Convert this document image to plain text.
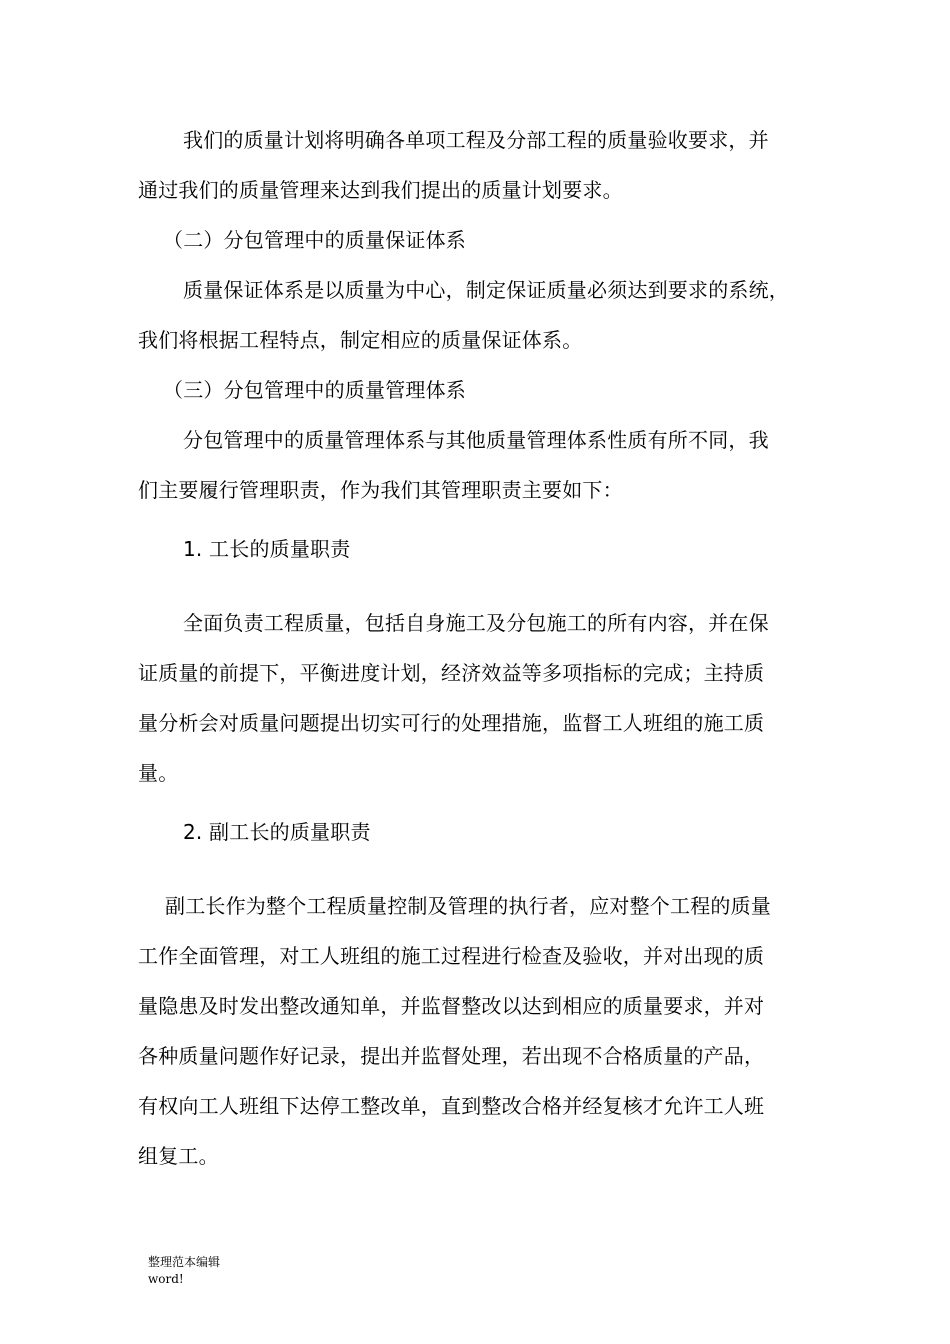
我们的质量计划将明确各单项工程及分部工程的质量验收要求，并
通过我们的质量管理来达到我们提出的质量计划要求。
（二）分包管理中的质量保证体系
质量保证体系是以质量为中心，制定保证质量必须达到要求的系统，
我们将根据工程特点，制定相应的质量保证体系。
（三）分包管理中的质量管理体系
分包管理中的质量管理体系与其他质量管理体系性质有所不同，我
们主要履行管理职责，作为我们其管理职责主要如下：
1. 工长的质量职责
全面负责工程质量，包括自身施工及分包施工的所有内容，并在保
证质量的前提下，平衡进度计划，经济效益等多项指标的完成；主持质
量分析会对质量问题提出切实可行的处理措施，监督工人班组的施工质
量。
2. 副工长的质量职责
副工长作为整个工程质量控制及管理的执行者，应对整个工程的质量
工作全面管理，对工人班组的施工过程进行检查及验收，并对出现的质
量隐患及时发出整改通知单，并监督整改以达到相应的质量要求，并对
各种质量问题作好记录，提出并监督处理，若出现不合格质量的产品，
有权向工人班组下达停工整改单，直到整改合格并经复核才允许工人班
组复工。
整理范本编辑
word!
